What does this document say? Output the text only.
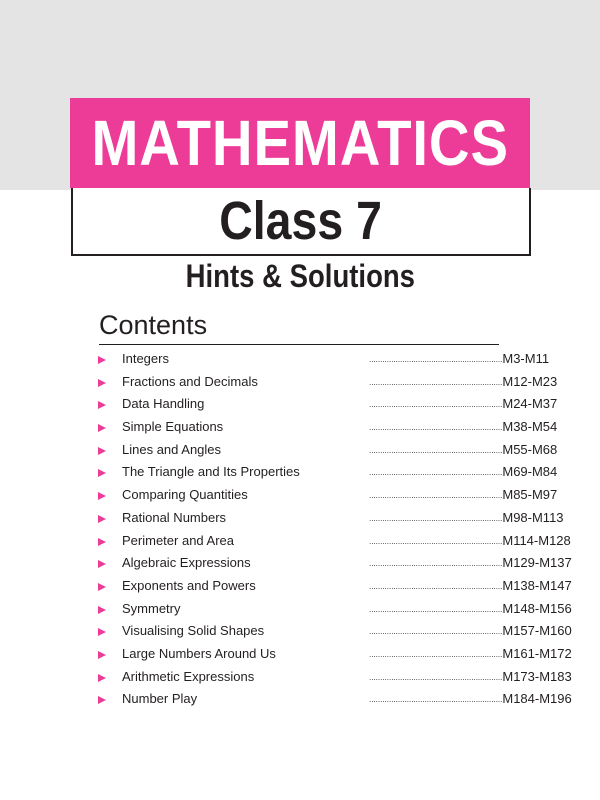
MATHEMATICS
Class 7
Hints & Solutions
Contents
Integers	............................................................ M3-M11
Fractions and Decimals	............................................................ M12-M23
Data Handling	............................................................ M24-M37
Simple Equations	............................................................ M38-M54
Lines and Angles	............................................................ M55-M68
The Triangle and Its Properties	............................................................ M69-M84
Comparing Quantities	............................................................ M85-M97
Rational Numbers	............................................................ M98-M113
Perimeter and Area	............................................................ M114-M128
Algebraic Expressions	............................................................ M129-M137
Exponents and Powers	............................................................ M138-M147
Symmetry	............................................................ M148-M156
Visualising Solid Shapes	............................................................ M157-M160
Large Numbers Around Us	............................................................ M161-M172
Arithmetic Expressions	............................................................ M173-M183
Number Play	............................................................ M184-M196
